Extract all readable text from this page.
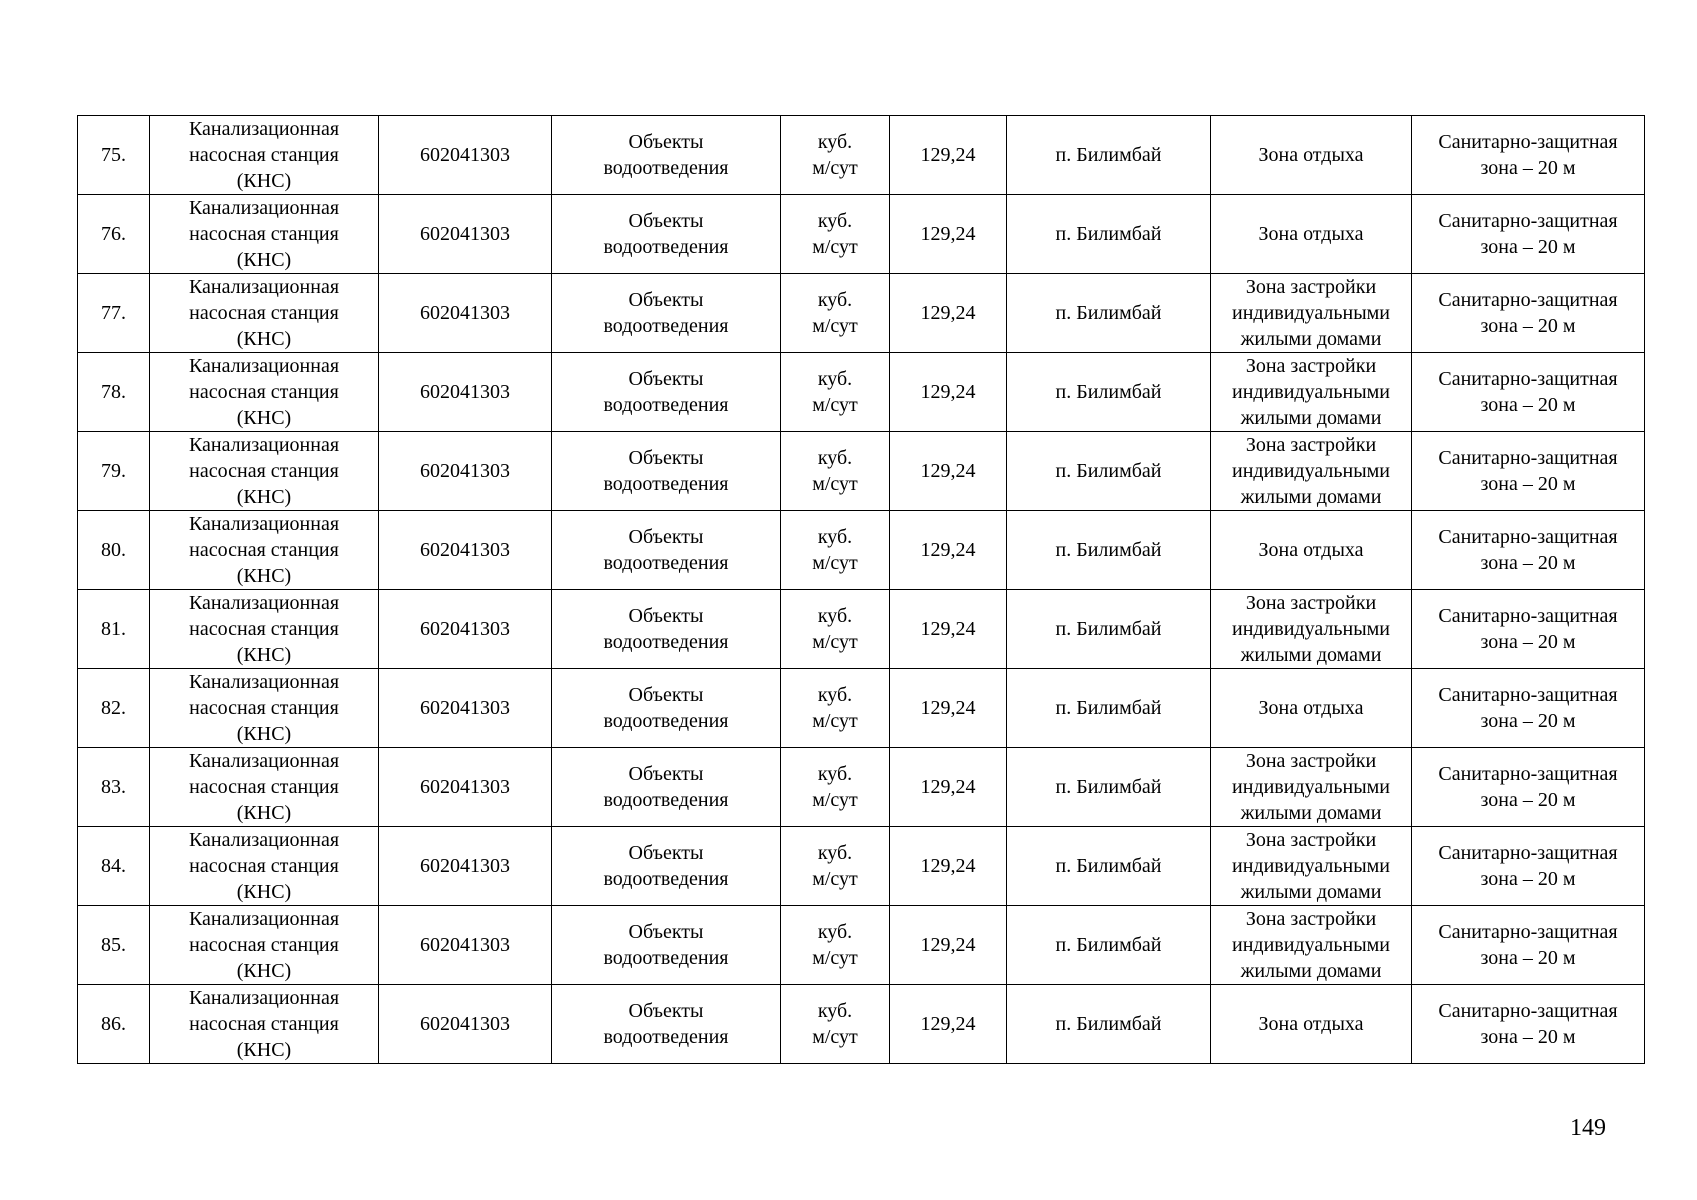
75.	Канализационная
насосная станция
(КНС)	602041303	Объекты
водоотведения	куб.
м/сут	129,24	п. Билимбай	Зона отдыха	Санитарно-защитная
зона – 20 м

76.	Канализационная
насосная станция
(КНС)	602041303	Объекты
водоотведения	куб.
м/сут	129,24	п. Билимбай	Зона отдыха	Санитарно-защитная
зона – 20 м

77.	Канализационная
насосная станция
(КНС)	602041303	Объекты
водоотведения	куб.
м/сут	129,24	п. Билимбай	Зона застройки
индивидуальными
жилыми домами	Санитарно-защитная
зона – 20 м

78.	Канализационная
насосная станция
(КНС)	602041303	Объекты
водоотведения	куб.
м/сут	129,24	п. Билимбай	Зона застройки
индивидуальными
жилыми домами	Санитарно-защитная
зона – 20 м

79.	Канализационная
насосная станция
(КНС)	602041303	Объекты
водоотведения	куб.
м/сут	129,24	п. Билимбай	Зона застройки
индивидуальными
жилыми домами	Санитарно-защитная
зона – 20 м

80.	Канализационная
насосная станция
(КНС)	602041303	Объекты
водоотведения	куб.
м/сут	129,24	п. Билимбай	Зона отдыха	Санитарно-защитная
зона – 20 м

81.	Канализационная
насосная станция
(КНС)	602041303	Объекты
водоотведения	куб.
м/сут	129,24	п. Билимбай	Зона застройки
индивидуальными
жилыми домами	Санитарно-защитная
зона – 20 м

82.	Канализационная
насосная станция
(КНС)	602041303	Объекты
водоотведения	куб.
м/сут	129,24	п. Билимбай	Зона отдыха	Санитарно-защитная
зона – 20 м

83.	Канализационная
насосная станция
(КНС)	602041303	Объекты
водоотведения	куб.
м/сут	129,24	п. Билимбай	Зона застройки
индивидуальными
жилыми домами	Санитарно-защитная
зона – 20 м

84.	Канализационная
насосная станция
(КНС)	602041303	Объекты
водоотведения	куб.
м/сут	129,24	п. Билимбай	Зона застройки
индивидуальными
жилыми домами	Санитарно-защитная
зона – 20 м

85.	Канализационная
насосная станция
(КНС)	602041303	Объекты
водоотведения	куб.
м/сут	129,24	п. Билимбай	Зона застройки
индивидуальными
жилыми домами	Санитарно-защитная
зона – 20 м

86.	Канализационная
насосная станция
(КНС)	602041303	Объекты
водоотведения	куб.
м/сут	129,24	п. Билимбай	Зона отдыха	Санитарно-защитная
зона – 20 м
149
